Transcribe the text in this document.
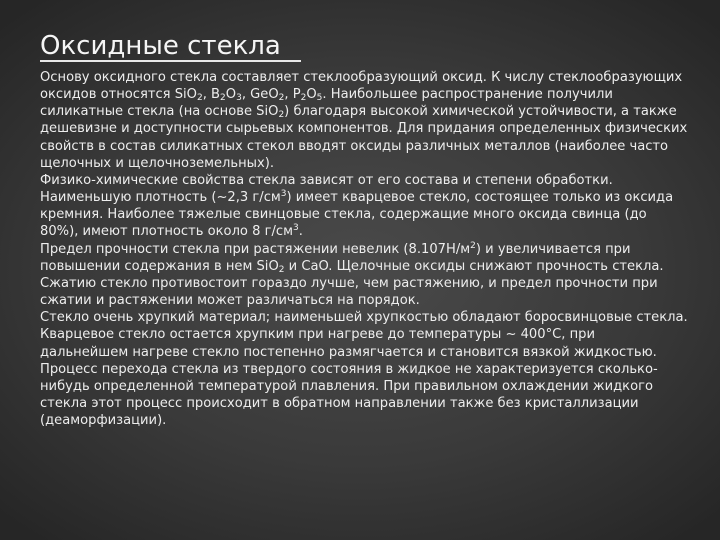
Оксидные стекла
Основу оксидного стекла составляет стеклообразующий оксид. К числу стеклообразующих
оксидов относятся SiO$_2$, $B_2O_3$, GeO$_2$, $P_2O_5$. Наибольшее распространение получили
силикатные стекла (на основе SiO$_2$) благодаря высокой химической устойчивости, а также
дешевизне и доступности сырьевых компонентов. Для придания определенных физических
свойств в состав силикатных стекол вводят оксиды различных металлов (наиболее часто
щелочных и щелочноземельных).
Физико-химические свойства стекла зависят от его состава и степени обработки.
Наименьшую плотность (~2,3 $г/см^3$) имеет кварцевое стекло, состоящее только из оксида
кремния. Наиболее тяжелые свинцовые стекла, содержащие много оксида свинца (до
80%), имеют плотность около 8 $г/см^3$.
Предел прочности стекла при растяжении невелик $(8.107Н/м^2)$ и увеличивается при
повышении содержания в нем SiO$_2$ и CaO. Щелочные оксиды снижают прочность стекла.
Сжатию стекло противостоит гораздо лучше, чем растяжению, и предел прочности при
сжатии и растяжении может различаться на порядок.
Стекло очень хрупкий материал; наименьшей хрупкостью обладают боросвинцовые стекла.
Кварцевое стекло остается хрупким при нагреве до температуры ~ 400°С, при
дальнейшем нагреве стекло постепенно размягчается и становится вязкой жидкостью.
Процесс перехода стекла из твердого состояния в жидкое не характеризуется сколько-
нибудь определенной температурой плавления. При правильном охлаждении жидкого
стекла этот процесс происходит в обратном направлении также без кристаллизации
(деаморфизации).
